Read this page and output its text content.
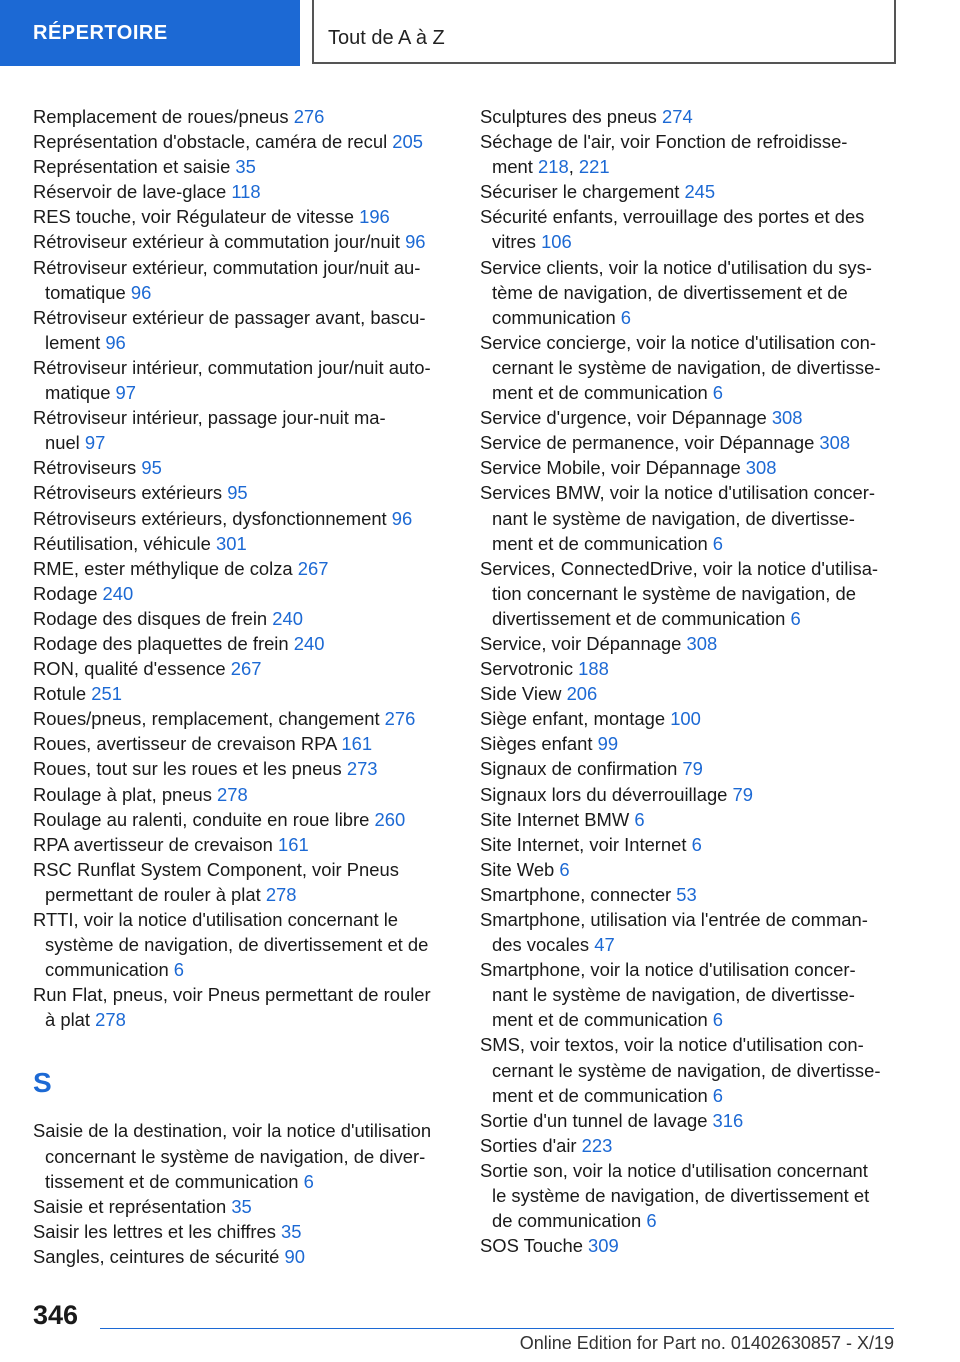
RÉPERTOIRE	Tout de A à Z
Remplacement de roues/pneus 276
Représentation d'obstacle, caméra de recul 205
Représentation et saisie 35
Réservoir de lave-glace 118
RES touche, voir Régulateur de vitesse 196
Rétroviseur extérieur à commutation jour/nuit 96
Rétroviseur extérieur, commutation jour/nuit au-
tomatique 96
Rétroviseur extérieur de passager avant, bascu-
lement 96
Rétroviseur intérieur, commutation jour/nuit auto-
matique 97
Rétroviseur intérieur, passage jour-nuit ma-
nuel 97
Rétroviseurs 95
Rétroviseurs extérieurs 95
Rétroviseurs extérieurs, dysfonctionnement 96
Réutilisation, véhicule 301
RME, ester méthylique de colza 267
Rodage 240
Rodage des disques de frein 240
Rodage des plaquettes de frein 240
RON, qualité d'essence 267
Rotule 251
Roues/pneus, remplacement, changement 276
Roues, avertisseur de crevaison RPA 161
Roues, tout sur les roues et les pneus 273
Roulage à plat, pneus 278
Roulage au ralenti, conduite en roue libre 260
RPA avertisseur de crevaison 161
RSC Runflat System Component, voir Pneus
permettant de rouler à plat 278
RTTI, voir la notice d'utilisation concernant le
système de navigation, de divertissement et de
communication 6
Run Flat, pneus, voir Pneus permettant de rouler
à plat 278
S
Saisie de la destination, voir la notice d'utilisation
concernant le système de navigation, de diver-
tissement et de communication 6
Saisie et représentation 35
Saisir les lettres et les chiffres 35
Sangles, ceintures de sécurité 90
Sculptures des pneus 274
Séchage de l'air, voir Fonction de refroidisse-
ment 218, 221
Sécuriser le chargement 245
Sécurité enfants, verrouillage des portes et des
vitres 106
Service clients, voir la notice d'utilisation du sys-
tème de navigation, de divertissement et de
communication 6
Service concierge, voir la notice d'utilisation con-
cernant le système de navigation, de divertisse-
ment et de communication 6
Service d'urgence, voir Dépannage 308
Service de permanence, voir Dépannage 308
Service Mobile, voir Dépannage 308
Services BMW, voir la notice d'utilisation concer-
nant le système de navigation, de divertisse-
ment et de communication 6
Services, ConnectedDrive, voir la notice d'utilisa-
tion concernant le système de navigation, de
divertissement et de communication 6
Service, voir Dépannage 308
Servotronic 188
Side View 206
Siège enfant, montage 100
Sièges enfant 99
Signaux de confirmation 79
Signaux lors du déverrouillage 79
Site Internet BMW 6
Site Internet, voir Internet 6
Site Web 6
Smartphone, connecter 53
Smartphone, utilisation via l'entrée de comman-
des vocales 47
Smartphone, voir la notice d'utilisation concer-
nant le système de navigation, de divertisse-
ment et de communication 6
SMS, voir textos, voir la notice d'utilisation con-
cernant le système de navigation, de divertisse-
ment et de communication 6
Sortie d'un tunnel de lavage 316
Sorties d'air 223
Sortie son, voir la notice d'utilisation concernant
le système de navigation, de divertissement et
de communication 6
SOS Touche 309
346
Online Edition for Part no. 01402630857 - X/19
